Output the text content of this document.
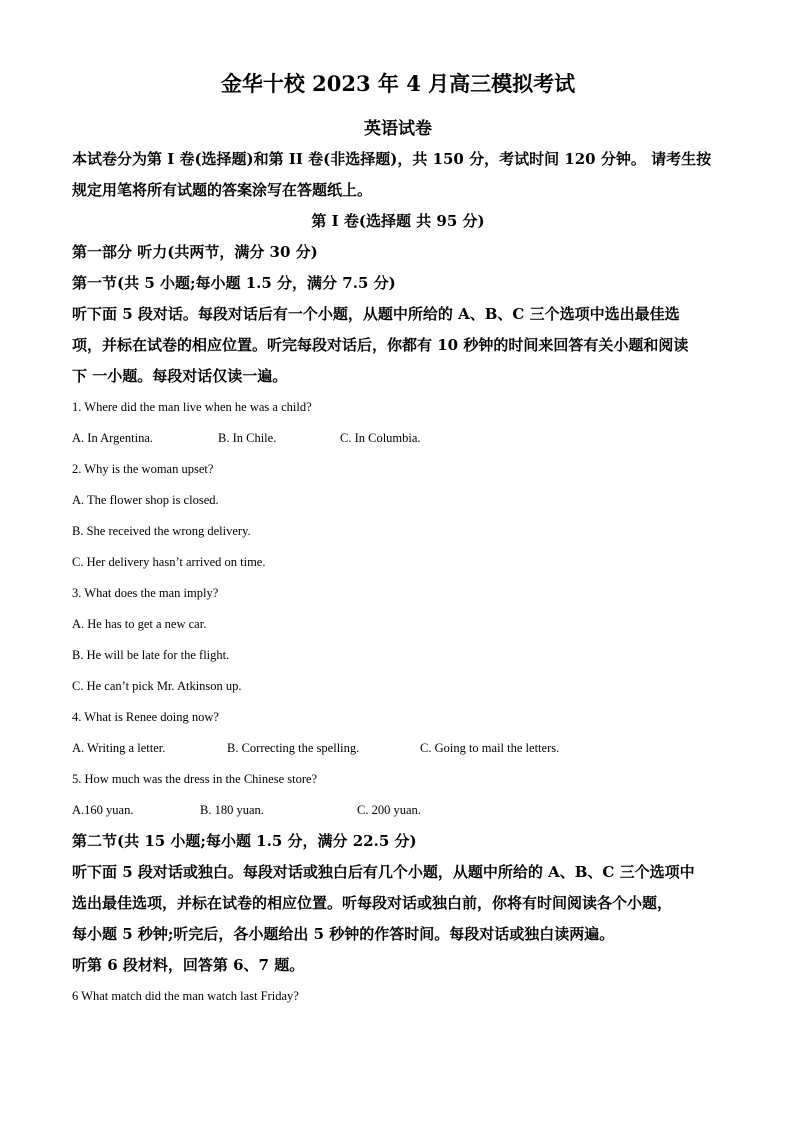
金华十校 2023 年 4 月高三模拟考试
英语试卷
本试卷分为第 I 卷(选择题)和第 II 卷(非选择题)，共 150 分，考试时间 120 分钟。 请考生按
规定用笔将所有试题的答案涂写在答题纸上。
第 I 卷(选择题 共 95 分)
第一部分 听力(共两节，满分 30 分)
第一节(共 5 小题;每小题 1.5 分，满分 7.5 分)
听下面 5 段对话。每段对话后有一个小题，从题中所给的 A、B、C 三个选项中选出最佳选
项，并标在试卷的相应位置。听完每段对话后，你都有 10 秒钟的时间来回答有关小题和阅读
下 一小题。每段对话仅读一遍。
1. Where did the man live when he was a child?
A. In Argentina.	B. In Chile.	C. In Columbia.
2. Why is the woman upset?
A. The flower shop is closed.
B. She received the wrong delivery.
C. Her delivery hasn’t arrived on time.
3. What does the man imply?
A. He has to get a new car.
B. He will be late for the flight.
C. He can’t pick Mr. Atkinson up.
4. What is Renee doing now?
A. Writing a letter.	B. Correcting the spelling.	C. Going to mail the letters.
5. How much was the dress in the Chinese store?
A.160 yuan.	B. 180 yuan.	C. 200 yuan.
第二节(共 15 小题;每小题 1.5 分，满分 22.5 分)
听下面 5 段对话或独白。每段对话或独白后有几个小题，从题中所给的 A、B、C 三个选项中
选出最佳选项，并标在试卷的相应位置。听每段对话或独白前，你将有时间阅读各个小题，
每小题 5 秒钟;听完后，各小题给出 5 秒钟的作答时间。每段对话或独白读两遍。
听第 6 段材料，回答第 6、7 题。
6 What match did the man watch last Friday?
